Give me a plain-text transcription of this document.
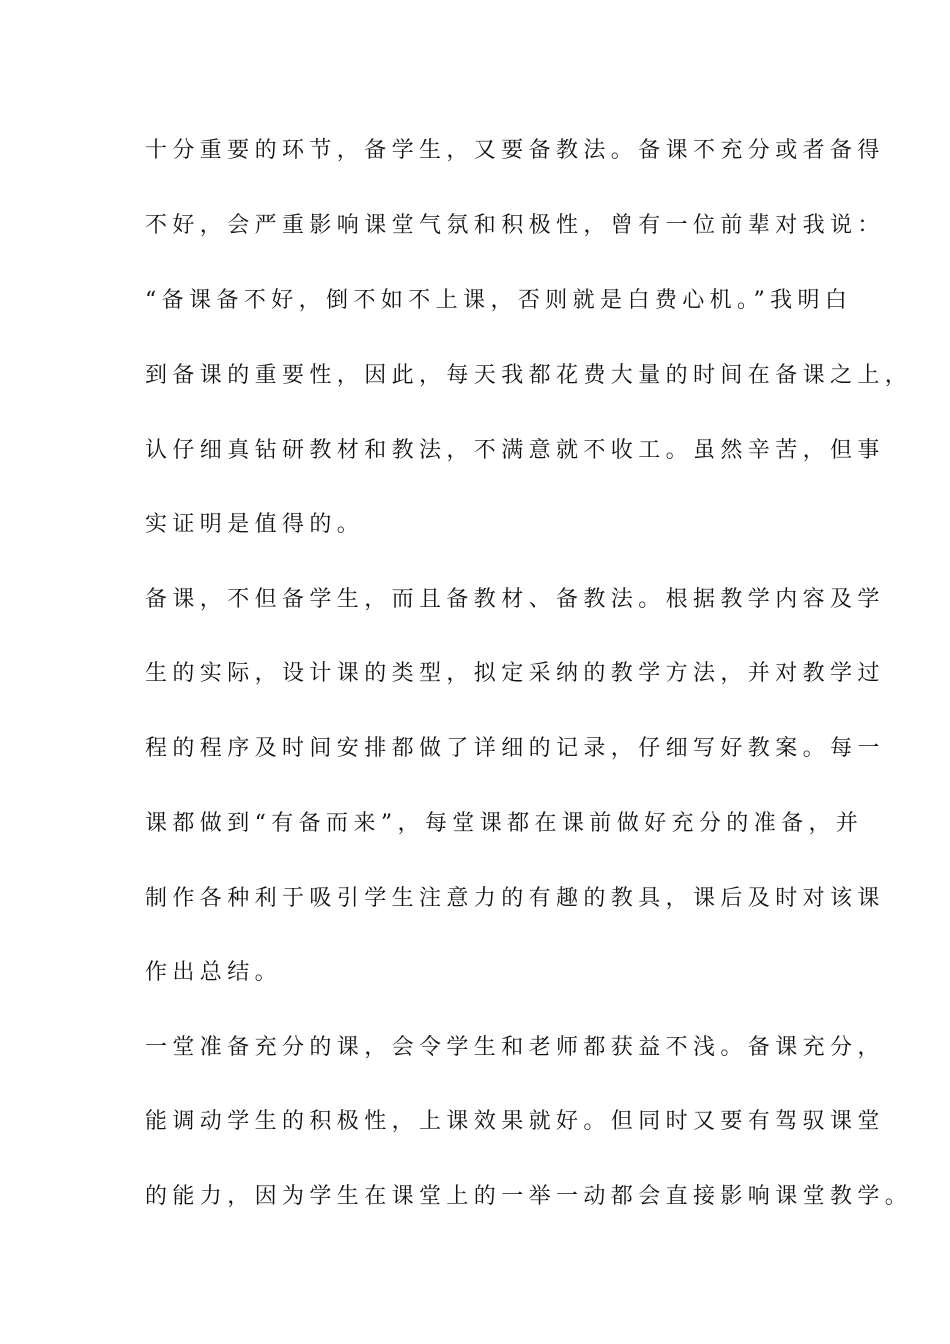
十分重要的环节，备学生，又要备教法。备课不充分或者备得
不好，会严重影响课堂气氛和积极性，曾有一位前辈对我说：
“备课备不好，倒不如不上课，否则就是白费心机。”我明白
到备课的重要性，因此，每天我都花费大量的时间在备课之上，
认仔细真钻研教材和教法，不满意就不收工。虽然辛苦，但事
实证明是值得的。
备课，不但备学生，而且备教材、备教法。根据教学内容及学
生的实际，设计课的类型，拟定采纳的教学方法，并对教学过
程的程序及时间安排都做了详细的记录，仔细写好教案。每一
课都做到“有备而来”，每堂课都在课前做好充分的准备，并
制作各种利于吸引学生注意力的有趣的教具，课后及时对该课
作出总结。
一堂准备充分的课，会令学生和老师都获益不浅。备课充分，
能调动学生的积极性，上课效果就好。但同时又要有驾驭课堂
的能力，因为学生在课堂上的一举一动都会直接影响课堂教学。
